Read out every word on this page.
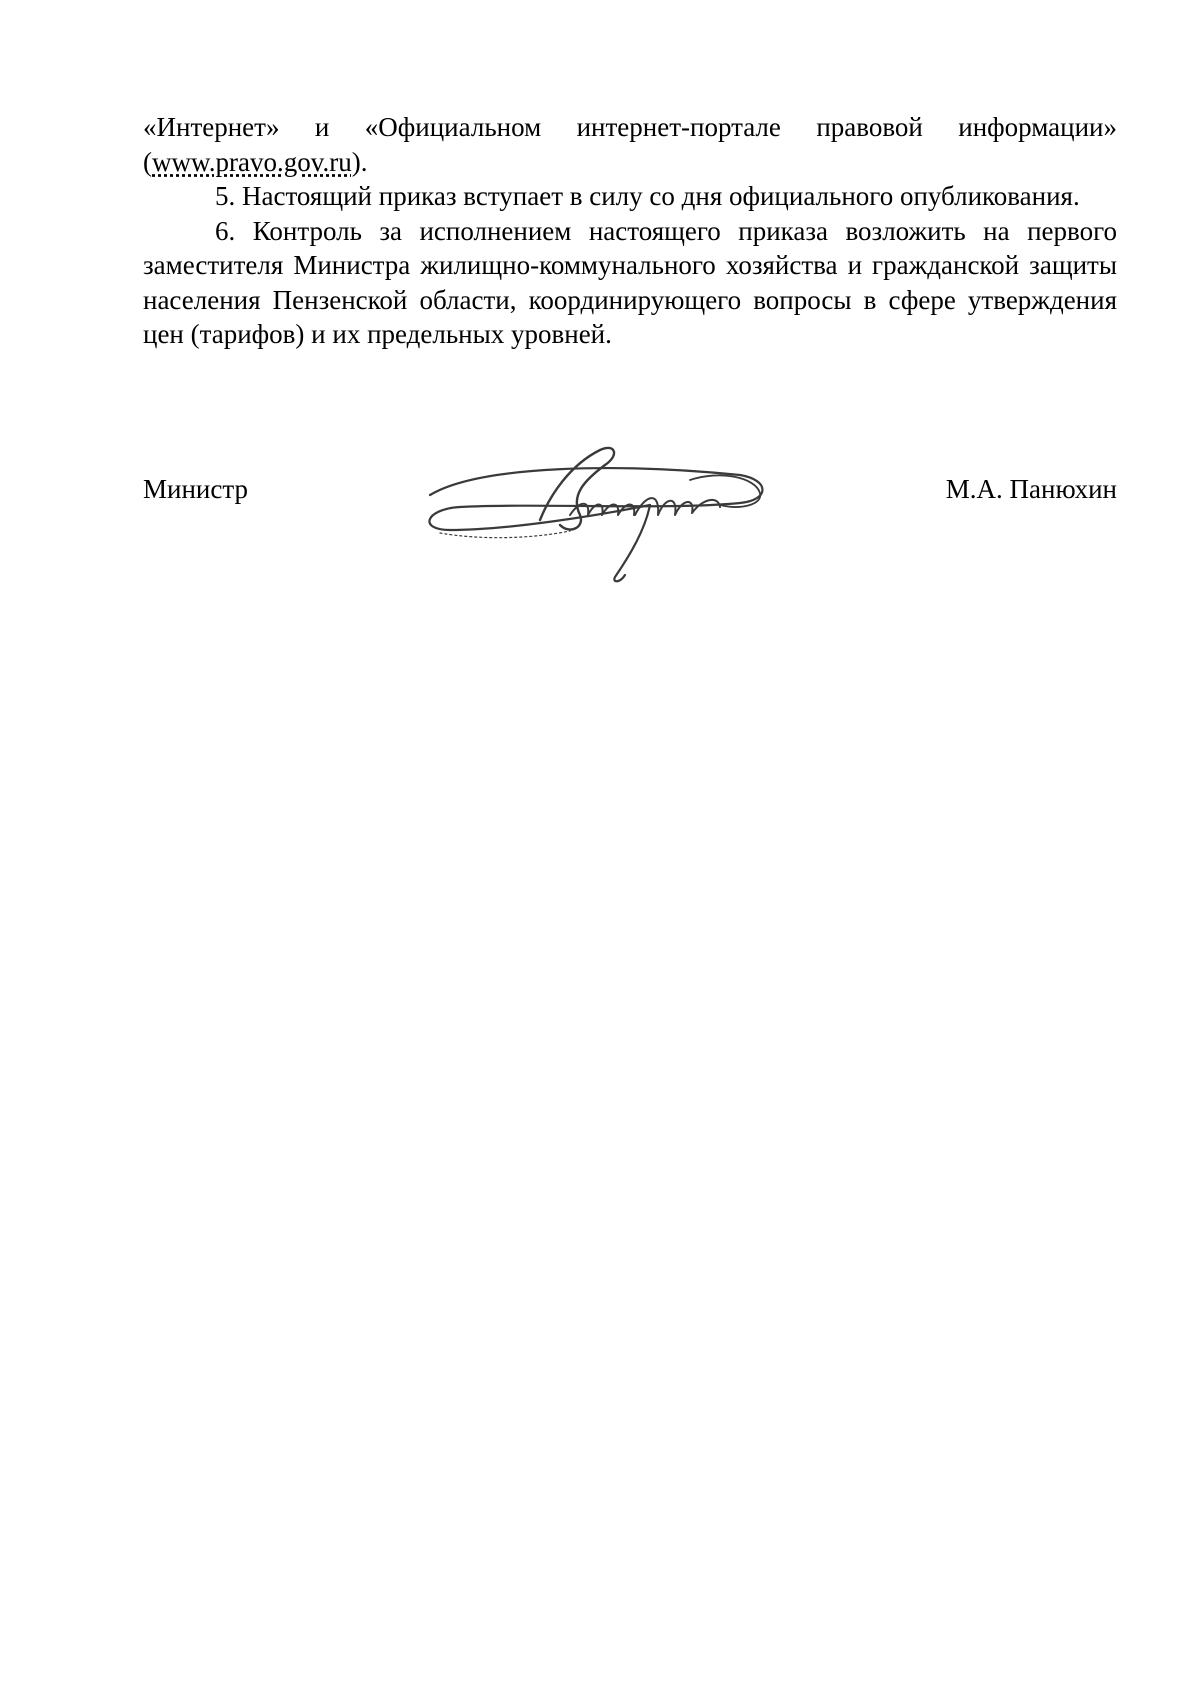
«Интернет» и «Официальном интернет-портале правовой информации» (www.pravo.gov.ru).

5. Настоящий приказ вступает в силу со дня официального опубликования.

6. Контроль за исполнением настоящего приказа возложить на первого заместителя Министра жилищно-коммунального хозяйства и гражданской защиты населения Пензенской области, координирующего вопросы в сфере утверждения цен (тарифов) и их предельных уровней.

Министр	М.А. Панюхин
